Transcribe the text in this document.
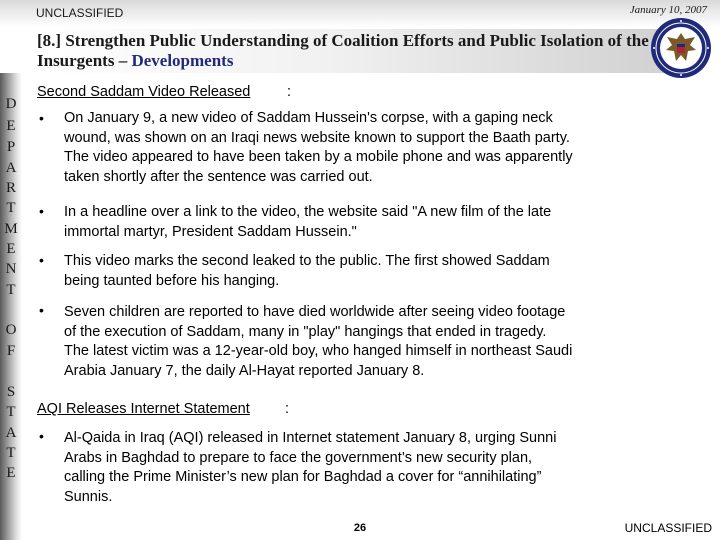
UNCLASSIFIED	January 10, 2007
[8.] Strengthen Public Understanding of Coalition Efforts and Public Isolation of the Insurgents – Developments
D
E
P
A
R
T
M
E
N
T
O
F
S
T
A
T
E
Second Saddam Video Released	:
• On January 9, a new video of Saddam Hussein's corpse, with a gaping neck
wound, was shown on an Iraqi news website known to support the Baath party.
The video appeared to have been taken by a mobile phone and was apparently
taken shortly after the sentence was carried out.
• In a headline over a link to the video, the website said "A new film of the late
immortal martyr, President Saddam Hussein."
• This video marks the second leaked to the public. The first showed Saddam
being taunted before his hanging.
• Seven children are reported to have died worldwide after seeing video footage
of the execution of Saddam, many in "play" hangings that ended in tragedy.
The latest victim was a 12-year-old boy, who hanged himself in northeast Saudi
Arabia January 7, the daily Al-Hayat reported January 8.
AQI Releases Internet Statement :
• Al-Qaida in Iraq (AQI) released in Internet statement January 8, urging Sunni
Arabs in Baghdad to prepare to face the government’s new security plan,
calling the Prime Minister’s new plan for Baghdad a cover for “annihilating”
Sunnis.
26	UNCLASSIFIED
